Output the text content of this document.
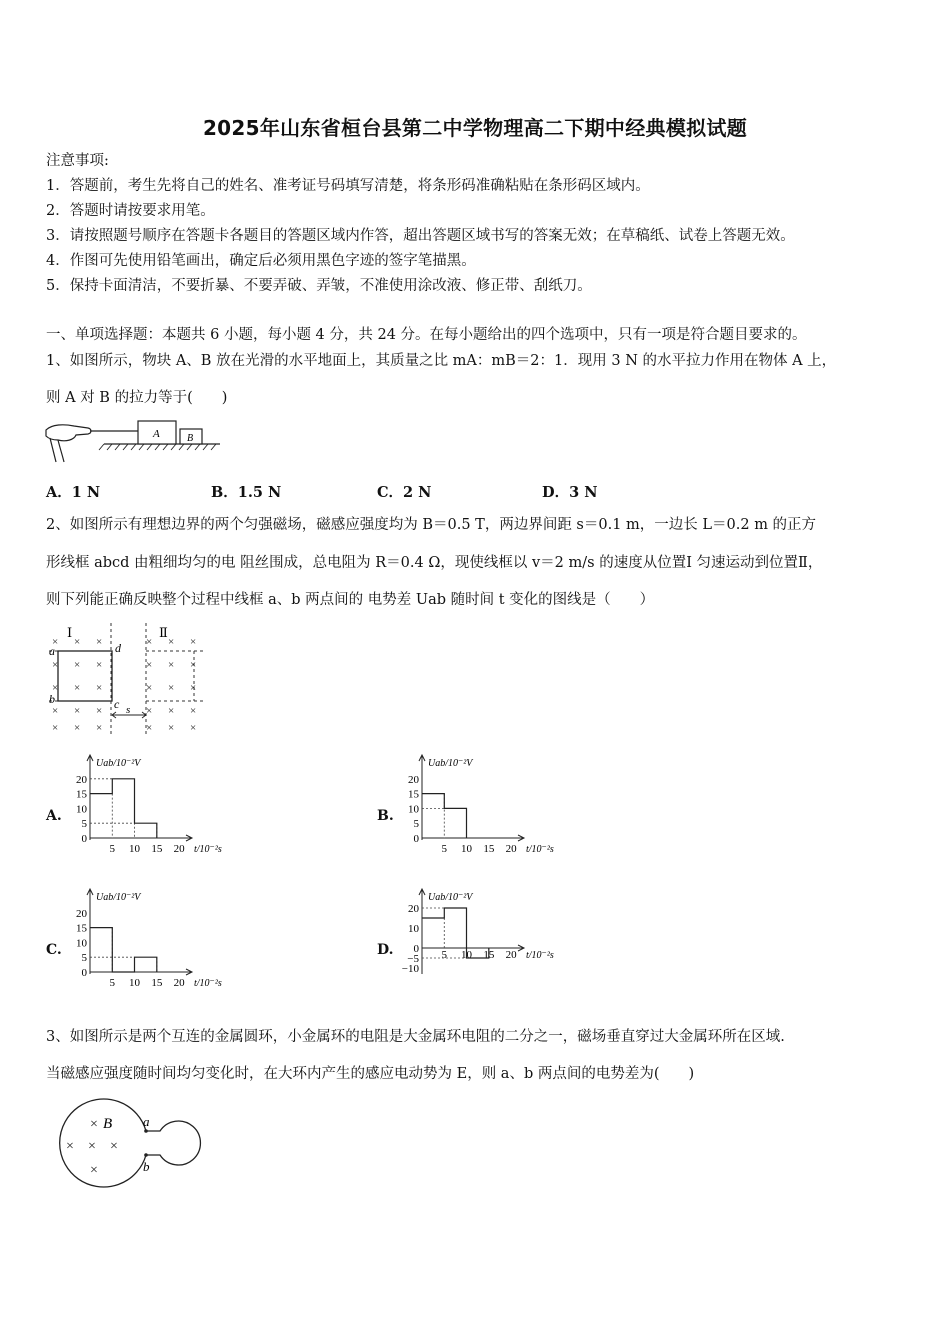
2025年山东省桓台县第二中学物理高二下期中经典模拟试题
注意事项:
1．答题前，考生先将自己的姓名、准考证号码填写清楚，将条形码准确粘贴在条形码区域内。
2．答题时请按要求用笔。
3．请按照题号顺序在答题卡各题目的答题区域内作答，超出答题区域书写的答案无效；在草稿纸、试卷上答题无效。
4．作图可先使用铅笔画出，确定后必须用黑色字迹的签字笔描黑。
5．保持卡面清洁，不要折暴、不要弄破、弄皱，不准使用涂改液、修正带、刮纸刀。
一、单项选择题：本题共 6 小题，每小题 4 分，共 24 分。在每小题给出的四个选项中，只有一项是符合题目要求的。
1、如图所示，物块 A、B 放在光滑的水平地面上，其质量之比 mA：mB＝2：1．现用 3 N 的水平拉力作用在物体 A 上，
则 A 对 B 的拉力等于(　　)
A	B
A．1 N	B．1.5 N	C．2 N	D．3 N
2、如图所示有理想边界的两个匀强磁场，磁感应强度均为 B＝0.5 T，两边界间距 s＝0.1 m，一边长 L＝0.2 m 的正方
形线框 abcd 由粗细均匀的电 阻丝围成，总电阻为 R＝0.4 Ω，现使线框以 v＝2 m/s 的速度从位置Ⅰ 匀速运动到位置Ⅱ，
则下列能正确反映整个过程中线框 a、b 两点间的 电势差 Uab 随时间 t 变化的图线是（　　）
× × ×	× × ×
× × ×	× × ×
× × ×	× × ×
× × ×	× × ×
× × ×	× × ×
Ⅰ	Ⅱ
a
b	c
d
s
A.	B.
C.	D.
Uab/10⁻²V
20
15
10
5
0
5 10 15 20 t/10⁻²s
Uab/10⁻²V
20
15
10
5
0
5 10 15 20 t/10⁻²s
Uab/10⁻²V
20
15
10
5
0
5 10 15 20 t/10⁻²s
Uab/10⁻²V
20
10
0
−5
−10
5 10 15 20 t/10⁻²s
3、如图所示是两个互连的金属圆环，小金属环的电阻是大金属环电阻的二分之一，磁场垂直穿过大金属环所在区域.
当磁感应强度随时间均匀变化时，在大环内产生的感应电动势为 E，则 a、b 两点间的电势差为(　　)
×
× × ×
×
B a
b
